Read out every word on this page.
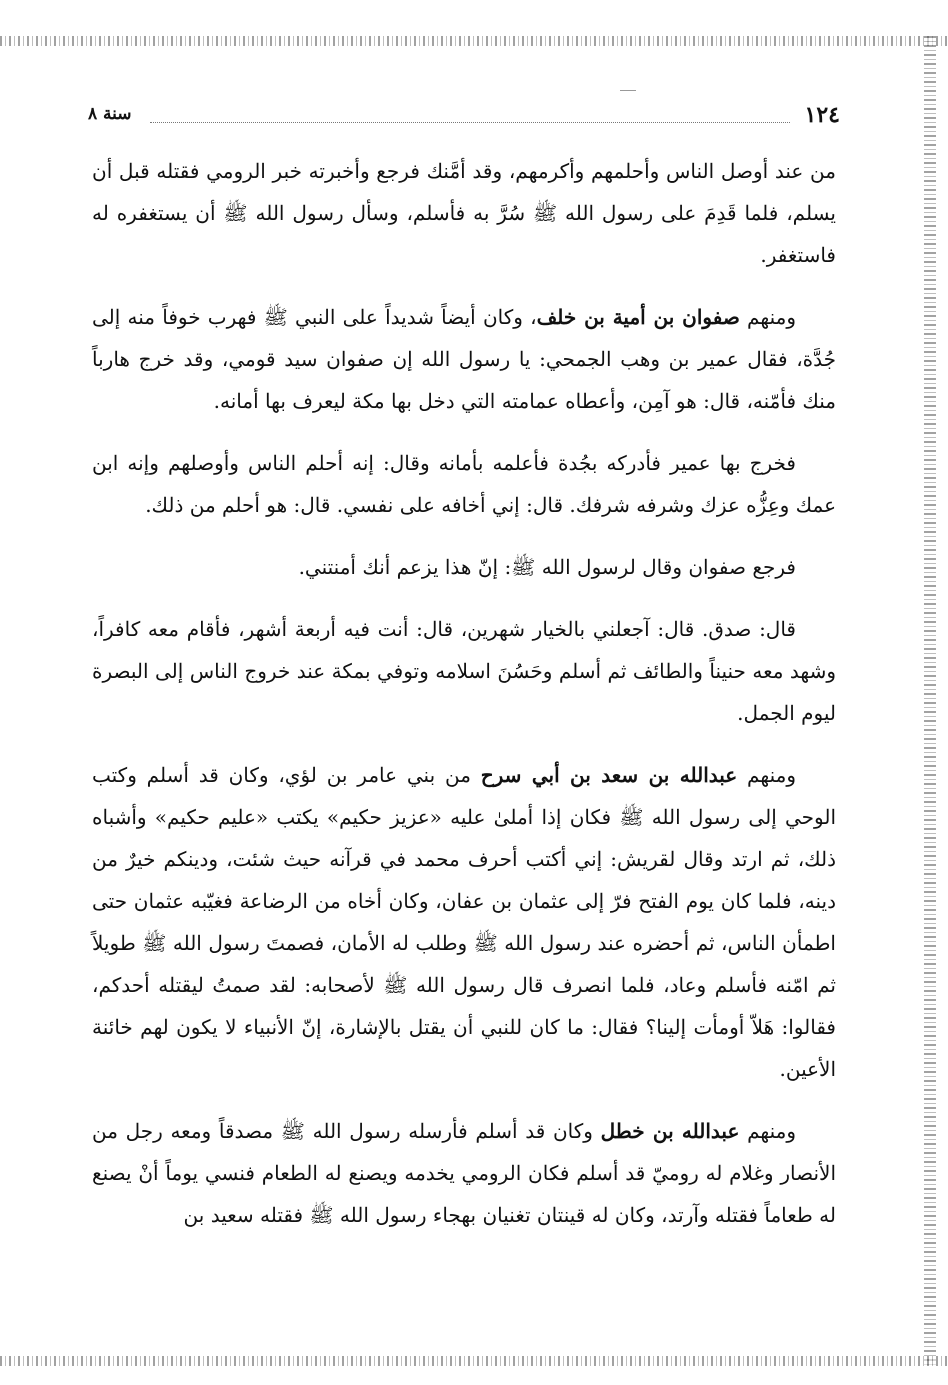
١٢٤
سنة ٨

من عند أوصل الناس وأحلمهم وأكرمهم، وقد أمَّنك فرجع وأخبرته خبر الرومي فقتله قبل أن يسلم، فلما قَدِمَ على رسول الله ﷺ سُرَّ به فأسلم، وسأل رسول الله ﷺ أن يستغفره له فاستغفر.

ومنهم صفوان بن أمية بن خلف، وكان أيضاً شديداً على النبي ﷺ فهرب خوفاً منه إلى جُدَّة، فقال عمير بن وهب الجمحي: يا رسول الله إن صفوان سيد قومي، وقد خرج هارباً منك فأمّنه، قال: هو آمِن، وأعطاه عمامته التي دخل بها مكة ليعرف بها أمانه.

فخرج بها عمير فأدركه بجُدة فأعلمه بأمانه وقال: إنه أحلم الناس وأوصلهم وإنه ابن عمك وعِزُّه عزك وشرفه شرفك. قال: إني أخافه على نفسي. قال: هو أحلم من ذلك.

فرجع صفوان وقال لرسول الله ﷺ: إنّ هذا يزعم أنك أمنتني.

قال: صدق. قال: آجعلني بالخيار شهرين، قال: أنت فيه أربعة أشهر، فأقام معه كافراً، وشهد معه حنيناً والطائف ثم أسلم وحَسُنَ اسلامه وتوفي بمكة عند خروج الناس إلى البصرة ليوم الجمل.

ومنهم عبدالله بن سعد بن أبي سرح من بني عامر بن لؤي، وكان قد أسلم وكتب الوحي إلى رسول الله ﷺ فكان إذا أملىٰ عليه «عزيز حكيم» يكتب «عليم حكيم» وأشباه ذلك، ثم ارتد وقال لقريش: إني أكتب أحرف محمد في قرآنه حيث شئت، ودينكم خيرٌ من دينه، فلما كان يوم الفتح فرّ إلى عثمان بن عفان، وكان أخاه من الرضاعة فغيّبه عثمان حتى اطمأن الناس، ثم أحضره عند رسول الله ﷺ وطلب له الأمان، فصمتَ رسول الله ﷺ طويلاً ثم امّنه فأسلم وعاد، فلما انصرف قال رسول الله ﷺ لأصحابه: لقد صمتُ ليقتله أحدكم، فقالوا: هَلاّ أومأت إلينا؟ فقال: ما كان للنبي أن يقتل بالإشارة، إنّ الأنبياء لا يكون لهم خائنة الأعين.

ومنهم عبدالله بن خطل وكان قد أسلم فأرسله رسول الله ﷺ مصدقاً ومعه رجل من الأنصار وغلام له روميّ قد أسلم فكان الرومي يخدمه ويصنع له الطعام فنسي يوماً أنْ يصنع له طعاماً فقتله وآرتد، وكان له قينتان تغنيان بهجاء رسول الله ﷺ فقتله سعيد بن
